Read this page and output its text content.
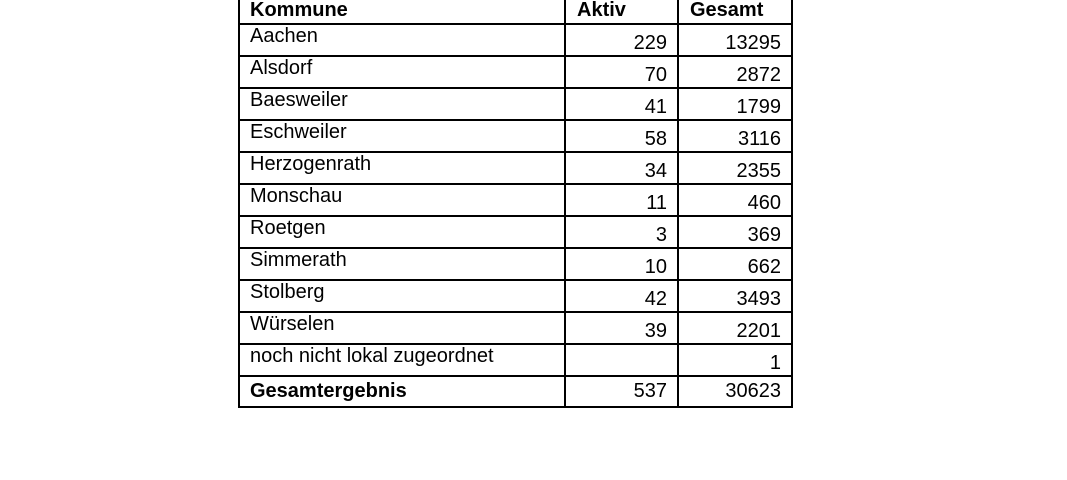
Kommune	Aktiv	Gesamt
Aachen	229	13295
Alsdorf	70	2872
Baesweiler	41	1799
Eschweiler	58	3116
Herzogenrath	34	2355
Monschau	11	460
Roetgen	3	369
Simmerath	10	662
Stolberg	42	3493
Würselen	39	2201
noch nicht lokal zugeordnet		1
Gesamtergebnis	537	30623
